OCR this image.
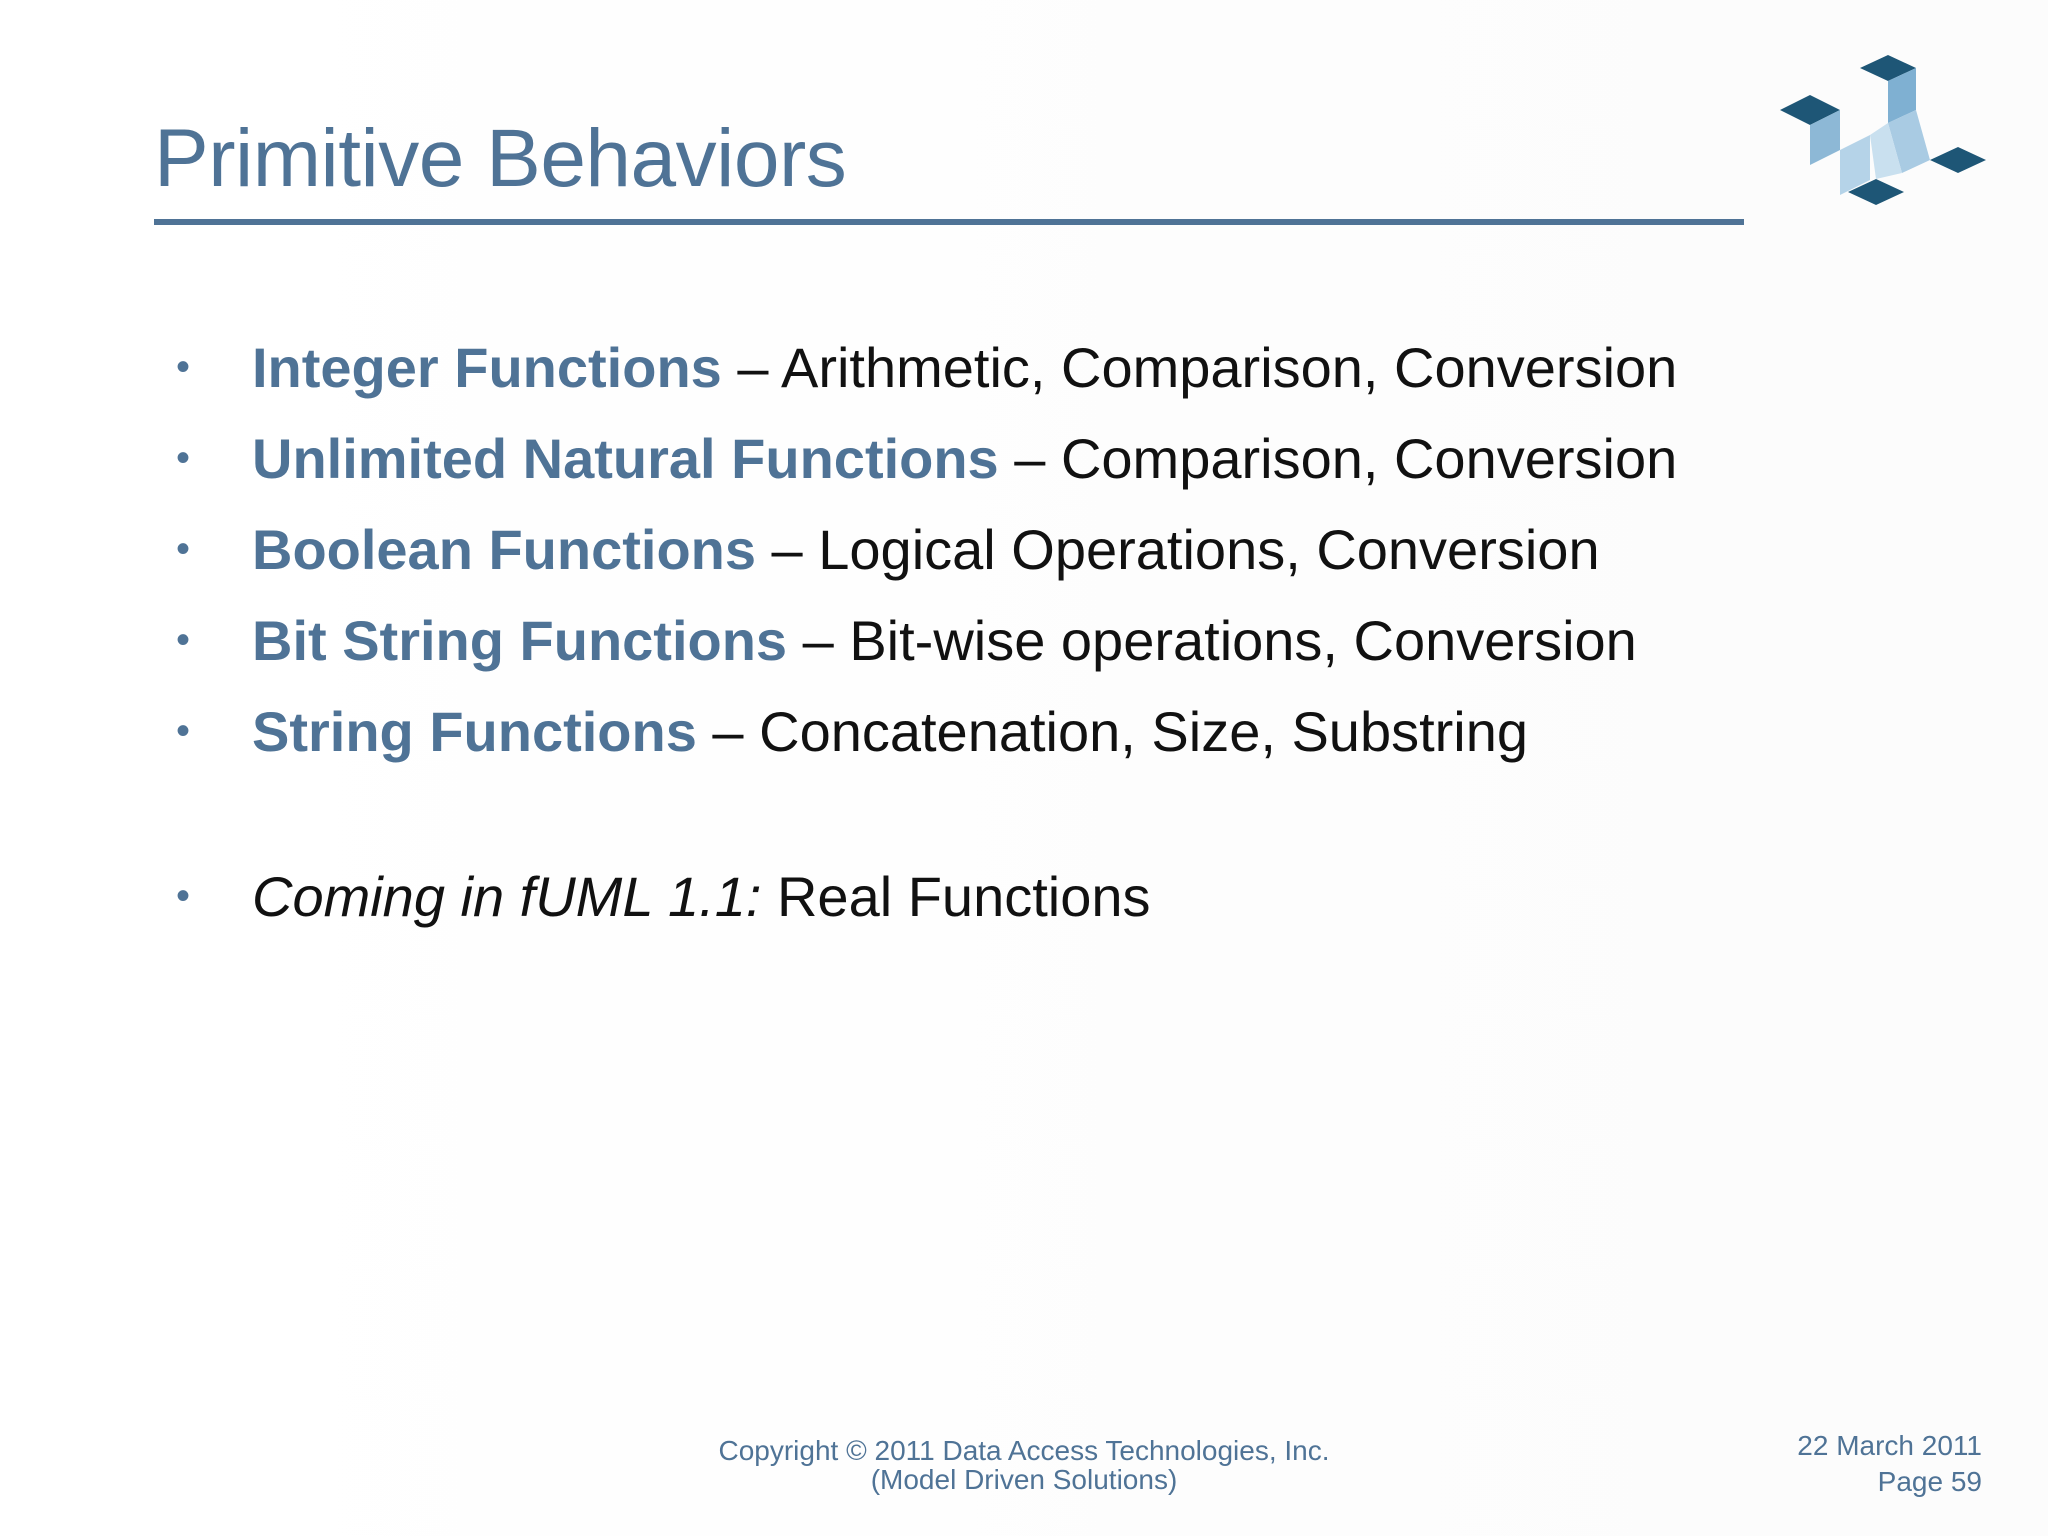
Primitive Behaviors
• Integer Functions – Arithmetic, Comparison, Conversion
• Unlimited Natural Functions – Comparison, Conversion
• Boolean Functions – Logical Operations, Conversion
• Bit String Functions – Bit-wise operations, Conversion
• String Functions – Concatenation, Size, Substring
• Coming in fUML 1.1: Real Functions
Copyright © 2011 Data Access Technologies, Inc.
(Model Driven Solutions)
22 March 2011
Page 59
